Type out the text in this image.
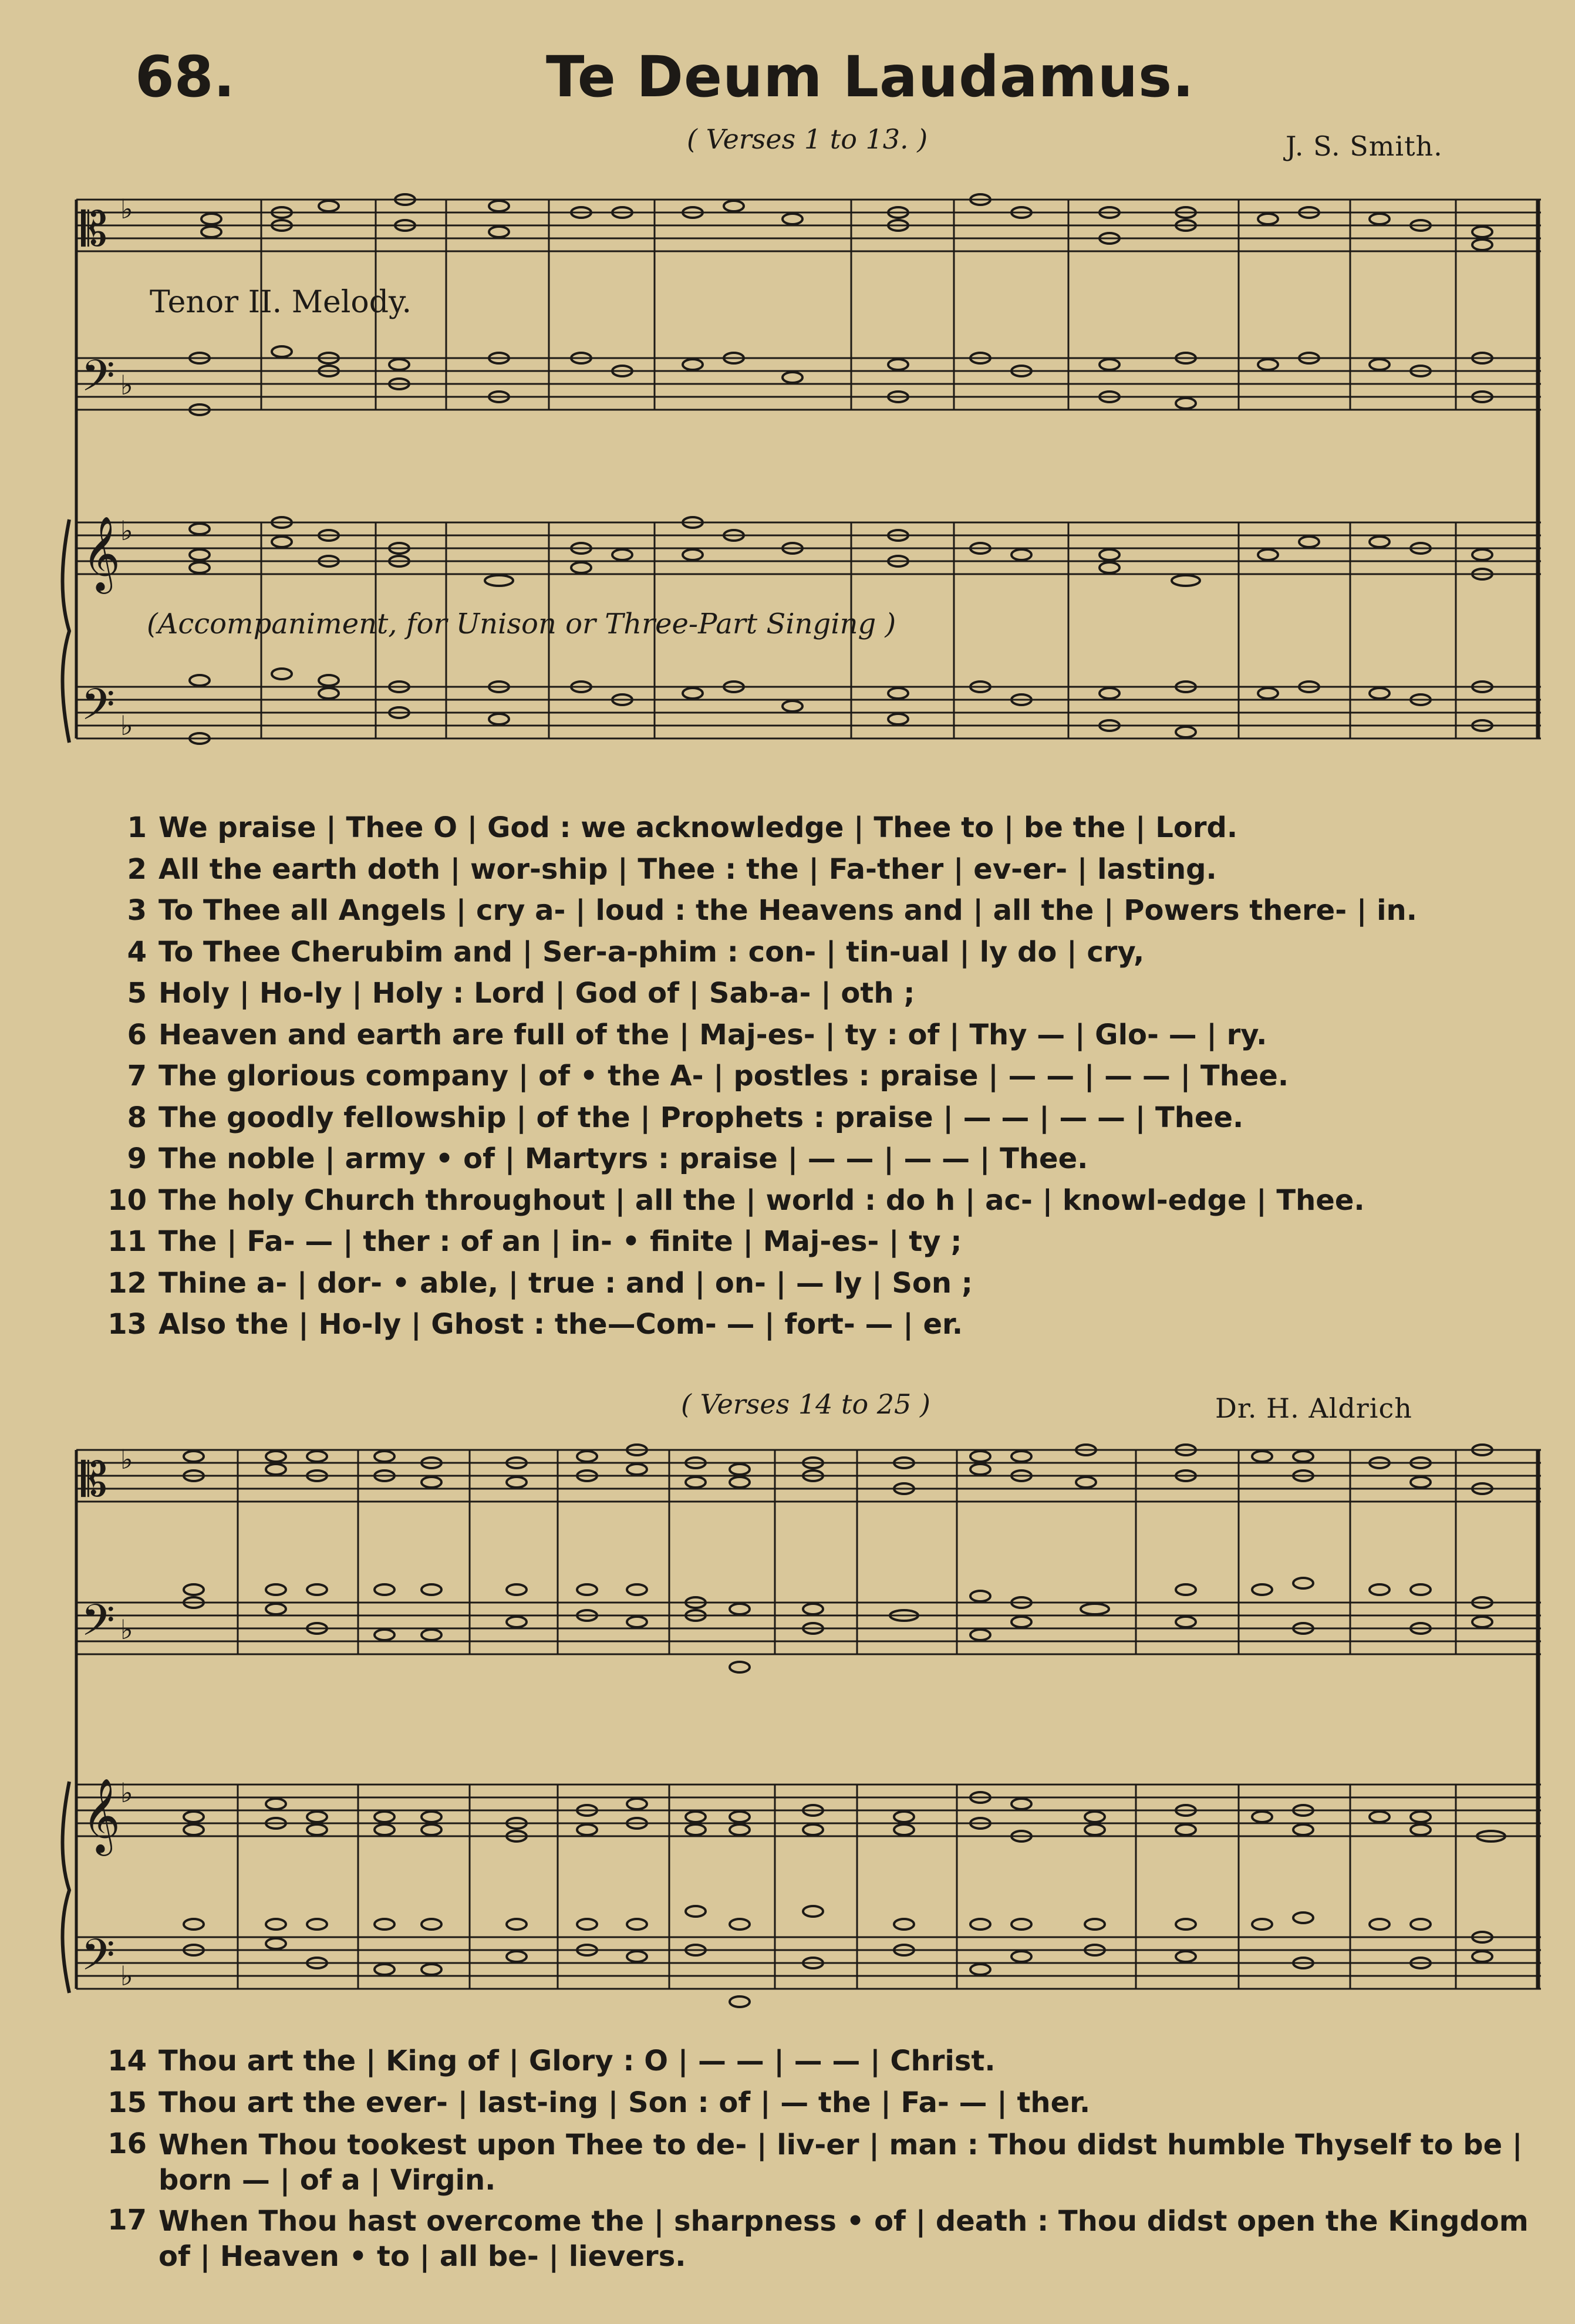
68.	Te Deum Laudamus.
( Verses 1 to 13. )	J. S. Smith.
𝄡
𝄢
𝄞
𝄢
♭
♭
♭
♭
Tenor II. Melody.
(Accompaniment, for Unison or Three-Part Singing )
1 We praise | Thee O | God : we acknowledge | Thee to | be the | Lord.
2 All the earth doth | wor-ship | Thee : the | Fa-ther | ev-er- | lasting.
3 To Thee all Angels | cry a- | loud : the Heavens and | all the | Powers there- | in.
4 To Thee Cherubim and | Ser-a-phim : con- | tin-ual | ly do | cry,
5 Holy | Ho-ly | Holy : Lord | God of | Sab-a- | oth ;
6 Heaven and earth are full of the | Maj-es- | ty : of | Thy — | Glo- — | ry.
7 The glorious company | of • the A- | postles : praise | — — | — — | Thee.
8 The goodly fellowship | of the | Prophets : praise | — — | — — | Thee.
9 The noble | army • of | Martyrs : praise | — — | — — | Thee.
10 The holy Church throughout | all the | world : do h | ac- | knowl-edge | Thee.
11 The | Fa- — | ther : of an | in- • finite | Maj-es- | ty ;
12 Thine a- | dor- • able, | true : and | on- | — ly | Son ;
13 Also the | Ho-ly | Ghost : the—Com- — | fort- — | er.
( Verses 14 to 25 )	Dr. H. Aldrich
𝄡
𝄢
𝄞
𝄢
♭
♭
♭
♭
14 Thou art the | King of | Glory : O | — — | — — | Christ.
15 Thou art the ever- | last-ing | Son : of | — the | Fa- — | ther.
16 When Thou tookest upon Thee to de- | liv-er | man : Thou didst humble Thyself to be | born — | of a | Virgin.
17 When Thou hast overcome the | sharpness • of | death : Thou didst open the Kingdom of | Heaven • to | all be- | lievers.
